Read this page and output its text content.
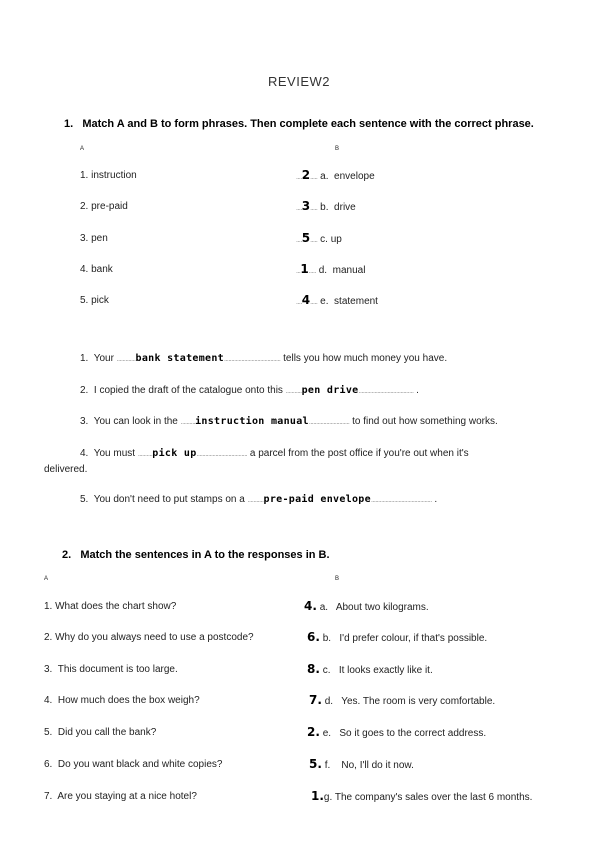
REVIEW2
1.   Match A and B to form phrases. Then complete each sentence with the correct phrase.
A	B
1. instruction
2. pre-paid
3. pen
4. bank
5. pick
....2..... a.  envelope
....3..... b.  drive
....5..... c. up
...1..... d.  manual
....4..... e.  statement
1.  Your .............bank statement....................................... tells you how much money you have.
2.  I copied the draft of the catalogue onto this ...........pen drive...................................... .
3.  You can look in the ..........instruction manual............................ to find out how something works.
4.  You must ..........pick up................................... a parcel from the post office if you're out when it's
delivered.
5.  You don't need to put stamps on a ...........pre-paid envelope.......................................... .
2.   Match the sentences in A to the responses in B.
A	B
1. What does the chart show?
2. Why do you always need to use a postcode?
3.  This document is too large.
4.  How much does the box weigh?
5.  Did you call the bank?
6.  Do you want black and white copies?
7.  Are you staying at a nice hotel?
4. a.   About two kilograms.
6. b.   I'd prefer colour, if that's possible.
8. c.   It looks exactly like it.
7. d.   Yes. The room is very comfortable.
2. e.   So it goes to the correct address.
5. f.    No, I'll do it now.
1.g. The company's sales over the last 6 months.
